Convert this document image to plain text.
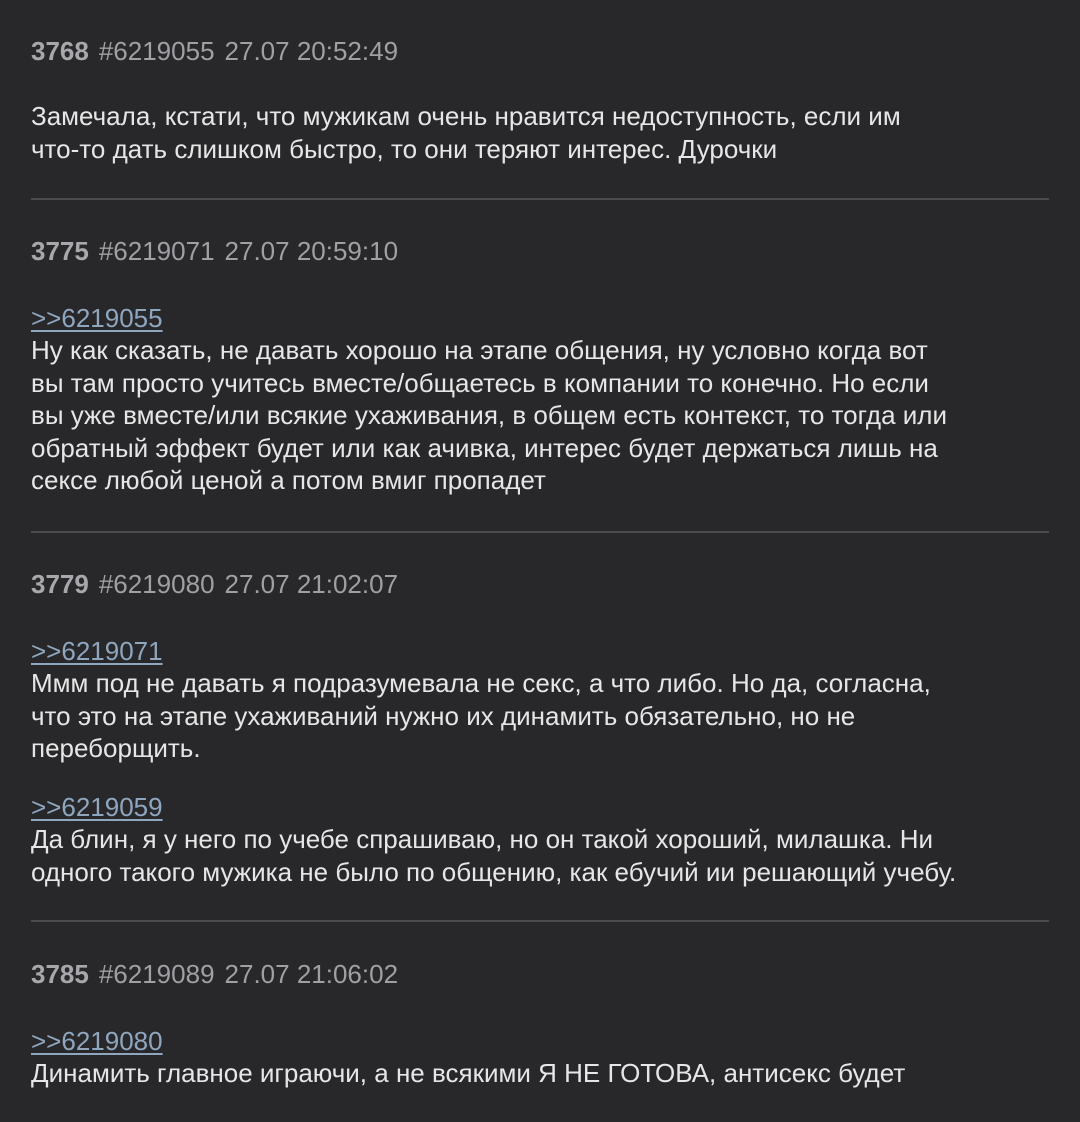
3768 #6219055 27.07 20:52:49
Замечала, кстати, что мужикам очень нравится недоступность, если им
что-то дать слишком быстро, то они теряют интерес. Дурочки
3775 #6219071 27.07 20:59:10
>>6219055
Ну как сказать, не давать хорошо на этапе общения, ну условно когда вот
вы там просто учитесь вместе/общаетесь в компании то конечно. Но если
вы уже вместе/или всякие ухаживания, в общем есть контекст, то тогда или
обратный эффект будет или как ачивка, интерес будет держаться лишь на
сексе любой ценой а потом вмиг пропадет
3779 #6219080 27.07 21:02:07
>>6219071
Ммм под не давать я подразумевала не секс, а что либо. Но да, согласна,
что это на этапе ухаживаний нужно их динамить обязательно, но не
переборщить.
>>6219059
Да блин, я у него по учебе спрашиваю, но он такой хороший, милашка. Ни
одного такого мужика не было по общению, как ебучий ии решающий учебу.
3785 #6219089 27.07 21:06:02
>>6219080
Динамить главное играючи, а не всякими Я НЕ ГОТОВА, антисекс будет
